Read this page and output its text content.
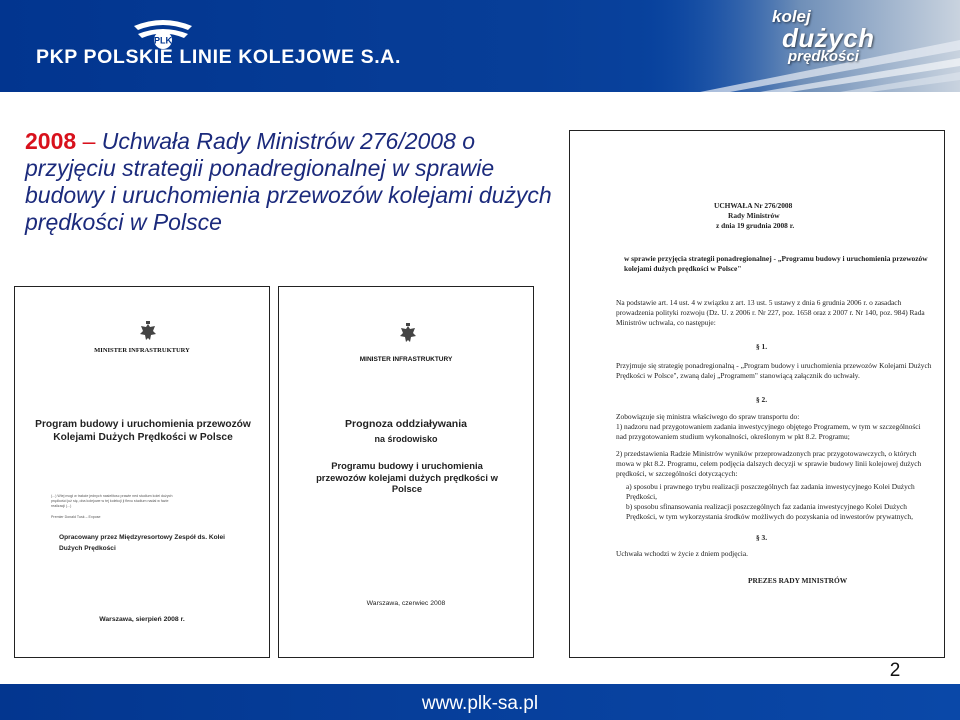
PLK
PKP POLSKIE LINIE KOLEJOWE S.A.
kolej
dużych
prędkości
2008 – Uchwała Rady Ministrów 276/2008 o przyjęciu strategii ponadregionalnej w sprawie budowy i uruchomienia przewozów kolejami dużych prędkości w Polsce
MINISTER INFRASTRUKTURY
Program budowy i uruchomienia przewozów Kolejami Dużych Prędkości w Polsce
(...) Wiej mogl w trakcie jednych nasielitosc prawie ned studium kolei dużych prędkości już się, oba kolejowe w tej kolekcji ji flexu studium nadal w fazie realizacji (...)
Premier Donald Tusk – Expose
Opracowany przez Międzyresortowy Zespół ds. Kolei Dużych Prędkości
Warszawa, sierpień 2008 r.
MINISTER INFRASTRUKTURY
Prognoza oddziaływania
na środowisko
Programu budowy i uruchomienia przewozów kolejami dużych prędkości w Polsce
Warszawa, czerwiec 2008
UCHWAŁA Nr 276/2008
Rady Ministrów
z dnia 19 grudnia 2008 r.
w sprawie przyjęcia strategii ponadregionalnej - „Programu budowy i uruchomienia przewozów kolejami dużych prędkości w Polsce"
Na podstawie art. 14 ust. 4 w związku z art. 13 ust. 5 ustawy z dnia 6 grudnia 2006 r. o zasadach prowadzenia polityki rozwoju (Dz. U. z 2006 r. Nr 227, poz. 1658 oraz z 2007 r. Nr 140, poz. 984) Rada Ministrów uchwala, co następuje:
§ 1.
Przyjmuje się strategię ponadregionalną - „Program budowy i uruchomienia przewozów Kolejami Dużych Prędkości w Polsce", zwaną dalej „Programem" stanowiącą załącznik do uchwały.
§ 2.
Zobowiązuje się ministra właściwego do spraw transportu do:
1) nadzoru nad przygotowaniem zadania inwestycyjnego objętego Programem, w tym w szczególności nad przygotowaniem studium wykonalności, określonym w pkt 8.2. Programu;
2) przedstawienia Radzie Ministrów wyników przeprowadzonych prac przygotowawczych, o których mowa w pkt 8.2. Programu, celem podjęcia dalszych decyzji w sprawie budowy linii kolejowej dużych prędkości, w szczególności dotyczących:
a) sposobu i prawnego trybu realizacji poszczególnych faz zadania inwestycyjnego Kolei Dużych Prędkości,
b) sposobu sfinansowania realizacji poszczególnych faz zadania inwestycyjnego Kolei Dużych Prędkości, w tym wykorzystania środków możliwych do pozyskania od inwestorów prywatnych,
§ 3.
Uchwała wchodzi w życie z dniem podjęcia.
PREZES RADY MINISTRÓW
2
www.plk-sa.pl
